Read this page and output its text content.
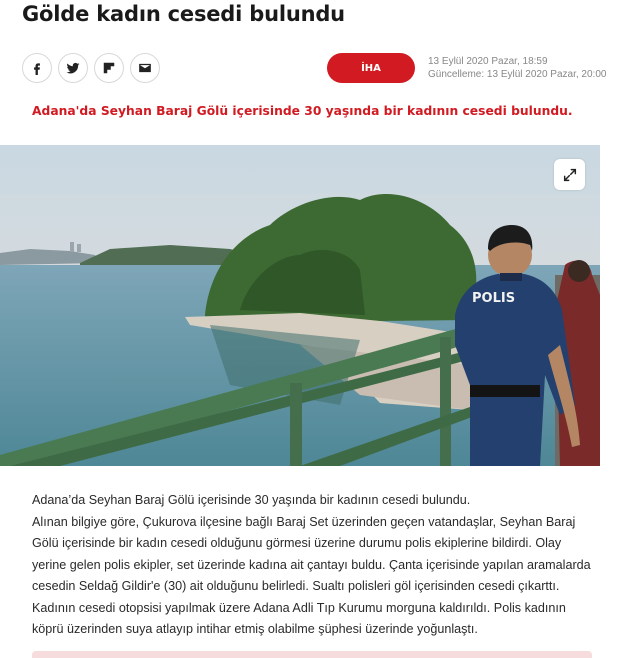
Gölde kadın cesedi bulundu
İHA
13 Eylül 2020 Pazar, 18:59
Güncelleme: 13 Eylül 2020 Pazar, 20:00
Adana'da Seyhan Baraj Gölü içerisinde 30 yaşında bir kadının cesedi bulundu.
POLIS

Adana’da Seyhan Baraj Gölü içerisinde 30 yaşında bir kadının cesedi bulundu.

Alınan bilgiye göre, Çukurova ilçesine bağlı Baraj Set üzerinden geçen vatandaşlar, Seyhan Baraj Gölü içerisinde bir kadın cesedi olduğunu görmesi üzerine durumu polis ekiplerine bildirdi. Olay yerine gelen polis ekipler, set üzerinde kadına ait çantayı buldu. Çanta içerisinde yapılan aramalarda cesedin Seldağ Gildir'e (30) ait olduğunu belirledi. Sualtı polisleri göl içerisinden cesedi çıkarttı. Kadının cesedi otopsisi yapılmak üzere Adana Adli Tıp Kurumu morguna kaldırıldı. Polis kadının köprü üzerinden suya atlayıp intihar etmiş olabilme şüphesi üzerinde yoğunlaştı.
